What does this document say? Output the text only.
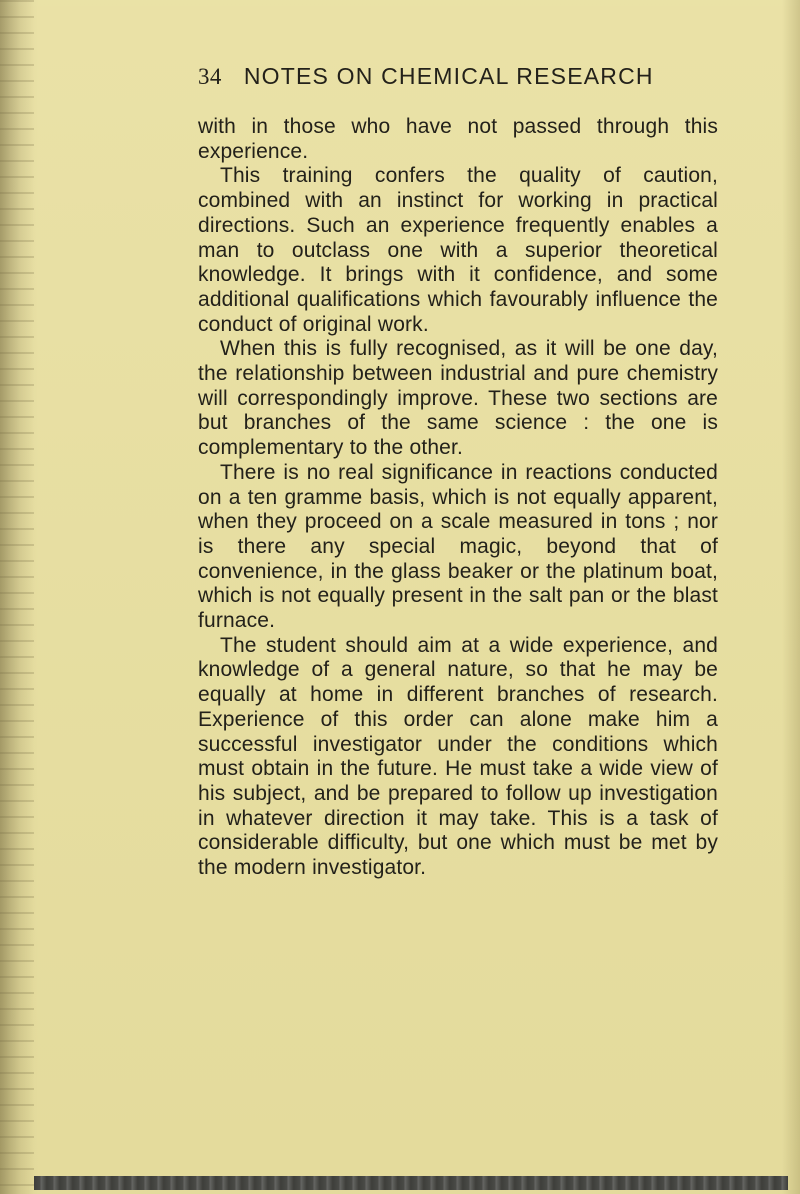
34 NOTES ON CHEMICAL RESEARCH

with in those who have not passed through this experience.

This training confers the quality of caution, combined with an instinct for working in practical directions. Such an experience frequently enables a man to outclass one with a superior theoretical knowledge. It brings with it confidence, and some additional qualifications which favourably influence the conduct of original work.

When this is fully recognised, as it will be one day, the relationship between industrial and pure chemistry will correspondingly improve. These two sections are but branches of the same science : the one is complementary to the other.

There is no real significance in reactions conducted on a ten gramme basis, which is not equally apparent, when they proceed on a scale measured in tons ; nor is there any special magic, beyond that of convenience, in the glass beaker or the platinum boat, which is not equally present in the salt pan or the blast furnace.

The student should aim at a wide experience, and knowledge of a general nature, so that he may be equally at home in different branches of research. Experience of this order can alone make him a successful investigator under the conditions which must obtain in the future. He must take a wide view of his subject, and be prepared to follow up investigation in whatever direction it may take. This is a task of considerable difficulty, but one which must be met by the modern investigator.
